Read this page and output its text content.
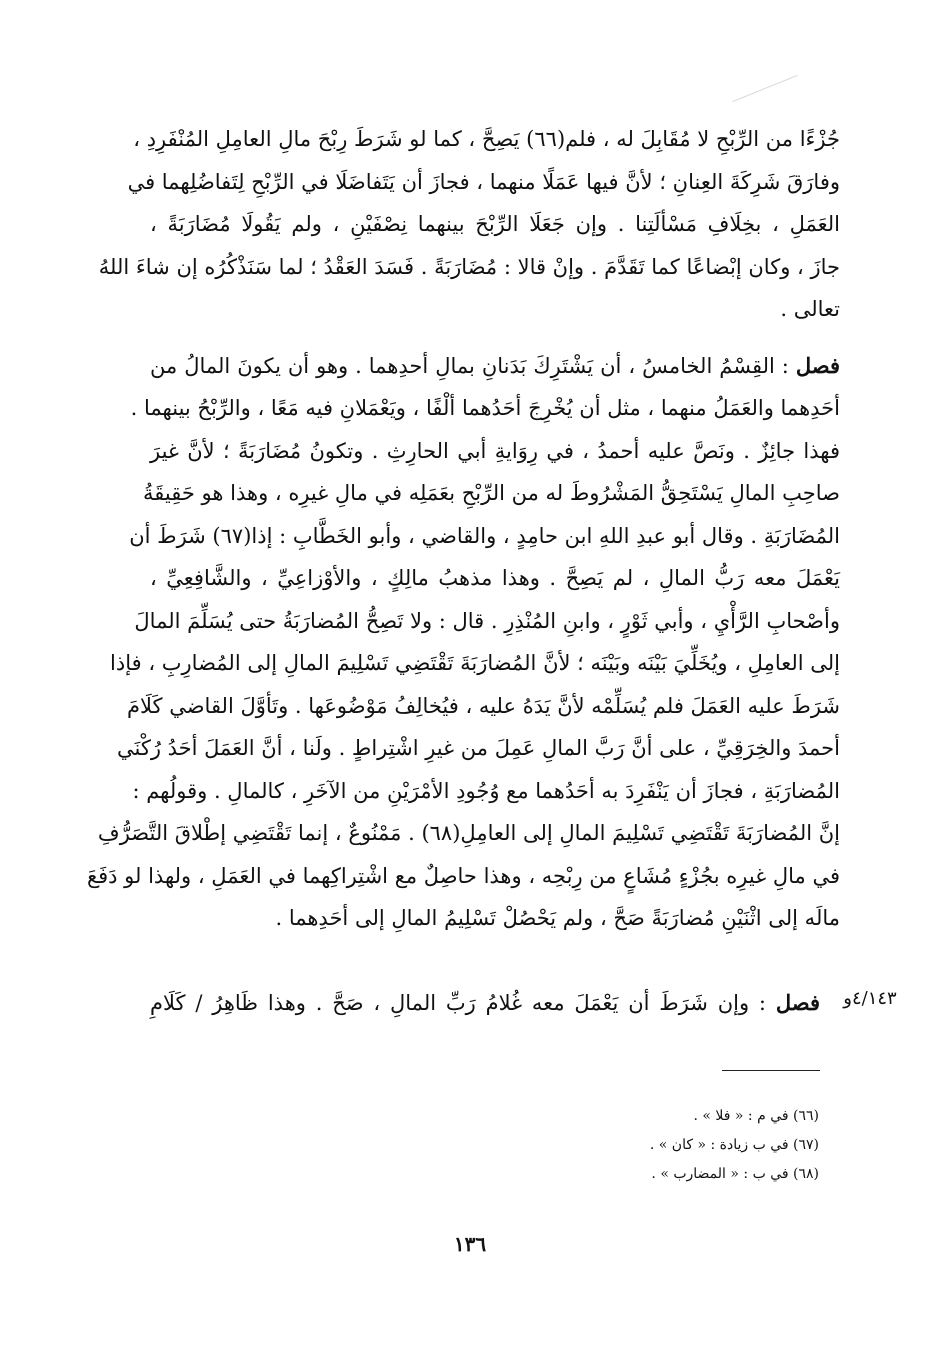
جُزْءًا من الرِّبْحِ لا مُقَابِلَ له ، فلم(٦٦) يَصِحَّ ، كما لو شَرَطَ رِبْحَ مالِ العامِلِ المُنْفَرِدِ ،
وفارَقَ شَرِكَةَ العِنانِ ؛ لأنَّ فيها عَمَلًا منهما ، فجازَ أن يَتَفاضَلَا في الرِّبْحِ لِتَفاضُلِهما في
العَمَلِ ، بخِلَافِ مَسْألَتِنا . وإن جَعَلَا الرِّبْحَ بينهما نِصْفَيْنِ ، ولم يَقُولَا مُضَارَبَةً ،
جازَ ، وكان إبْضاعًا كما تَقَدَّمَ . وإنْ قالا : مُضَارَبَةً . فَسَدَ العَقْدُ ؛ لما سَنَذْكُرُه إن شاءَ اللهُ
تعالى .
فصل : القِسْمُ الخامسُ ، أن يَشْتَرِكَ بَدَنانِ بمالِ أحدِهما . وهو أن يكونَ المالُ من
أحَدِهما والعَمَلُ منهما ، مثل أن يُخْرِجَ أحَدُهما ألْفًا ، ويَعْمَلانِ فيه مَعًا ، والرِّبْحُ بينهما .
فهذا جائِزٌ . ونَصَّ عليه أحمدُ ، في رِوَايةِ أبي الحارِثِ . وتكونُ مُضَارَبَةً ؛ لأنَّ غيرَ
صاحِبِ المالِ يَسْتَحِقُّ المَشْرُوطَ له من الرِّبْحِ بعَمَلِه في مالِ غيرِه ، وهذا هو حَقِيقَةُ
المُضَارَبَةِ . وقال أبو عبدِ اللهِ ابن حامِدٍ ، والقاضي ، وأبو الخَطَّابِ : إذا(٦٧) شَرَطَ أن
يَعْمَلَ معه رَبُّ المالِ ، لم يَصِحَّ . وهذا مذهبُ مالِكٍ ، والأوْزاعِيِّ ، والشَّافِعِيِّ ،
وأصْحابِ الرَّأْيِ ، وأبي ثَوْرٍ ، وابنِ المُنْذِرِ . قال : ولا تَصِحُّ المُضارَبَةُ حتى يُسَلِّمَ المالَ
إلى العامِلِ ، ويُخَلِّيَ بَيْنَه وبَيْنَه ؛ لأنَّ المُضارَبَةَ تَقْتَضِي تَسْلِيمَ المالِ إلى المُضارِبِ ، فإذا
شَرَطَ عليه العَمَلَ فلم يُسَلِّمْه لأنَّ يَدَهُ عليه ، فيُخالِفُ مَوْضُوعَها . وتَأوَّلَ القاضي كَلَامَ
أحمدَ والخِرَقِيِّ ، على أنَّ رَبَّ المالِ عَمِلَ من غيرِ اشْتِراطٍ . ولَنا ، أنَّ العَمَلَ أحَدُ رُكْنَي
المُضارَبَةِ ، فجازَ أن يَنْفَرِدَ به أحَدُهما مع وُجُودِ الأمْرَيْنِ من الآخَرِ ، كالمالِ . وقولُهم :
إنَّ المُضارَبَةَ تَقْتَضِي تَسْلِيمَ المالِ إلى العامِلِ(٦٨) . مَمْنُوعٌ ، إنما تَقْتَضِي إطْلاقَ التَّصَرُّفِ
في مالِ غيرِه بجُزْءٍ مُشَاعٍ من رِبْحِه ، وهذا حاصِلٌ مع اشْتِراكِهما في العَمَلِ ، ولهذا لو دَفَعَ
مالَه إلى اثْنَيْنِ مُضارَبَةً صَحَّ ، ولم يَحْصُلْ تَسْلِيمُ المالِ إلى أحَدِهما .
فصل : وإن شَرَطَ أن يَعْمَلَ معه غُلامُ رَبِّ المالِ ، صَحَّ . وهذا ظَاهِرُ / كَلَامِ	٤/١٤٣و
(٦٦) في م : « فلا » .
(٦٧) في ب زيادة : « كان » .
(٦٨) في ب : « المضارب » .
١٣٦
